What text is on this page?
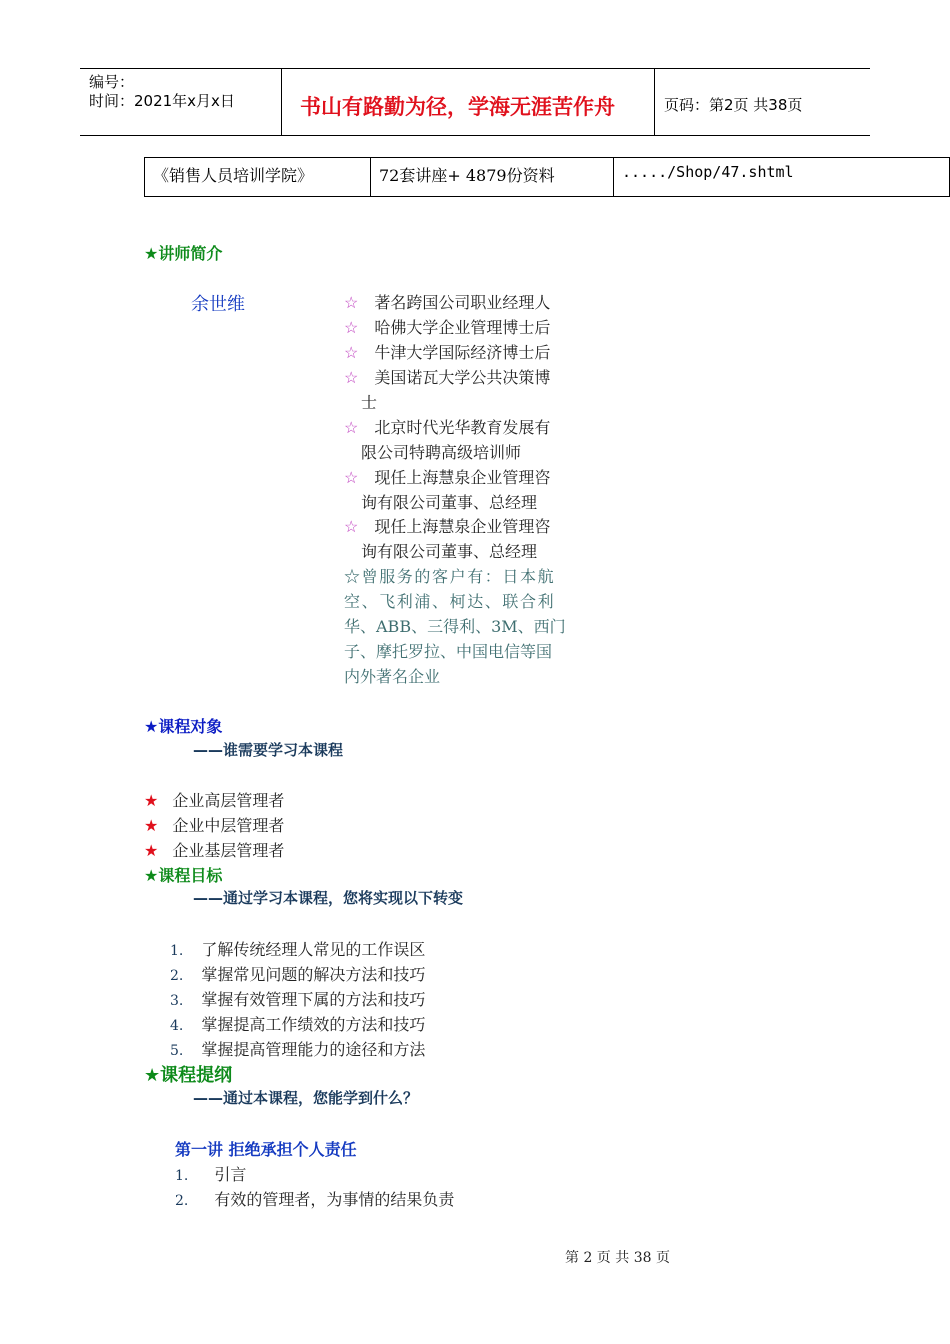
编号：
时间：2021年x月x日	书山有路勤为径，学海无涯苦作舟	页码：第2页 共38页
《销售人员培训学院》	72套讲座+ 4879份资料	...../Shop/47.shtml
★讲师简介
余世维	☆ 著名跨国公司职业经理人
☆ 哈佛大学企业管理博士后
☆ 牛津大学国际经济博士后
☆ 美国诺瓦大学公共决策博
士
☆ 北京时代光华教育发展有
限公司特聘高级培训师
☆ 现任上海慧泉企业管理咨
询有限公司董事、总经理
☆ 现任上海慧泉企业管理咨
询有限公司董事、总经理
☆曾服务的客户有：日本航
空、飞利浦、柯达、联合利
华、ABB、三得利、3M、西门
子、摩托罗拉、中国电信等国
内外著名企业
★课程对象
——谁需要学习本课程
★ 企业高层管理者
★ 企业中层管理者
★ 企业基层管理者
★课程目标
——通过学习本课程，您将实现以下转变
1. 了解传统经理人常见的工作误区
2. 掌握常见问题的解决方法和技巧
3. 掌握有效管理下属的方法和技巧
4. 掌握提高工作绩效的方法和技巧
5. 掌握提高管理能力的途径和方法
★课程提纲
——通过本课程，您能学到什么？
第一讲 拒绝承担个人责任
1. 引言
2. 有效的管理者，为事情的结果负责
第 2 页 共 38 页
